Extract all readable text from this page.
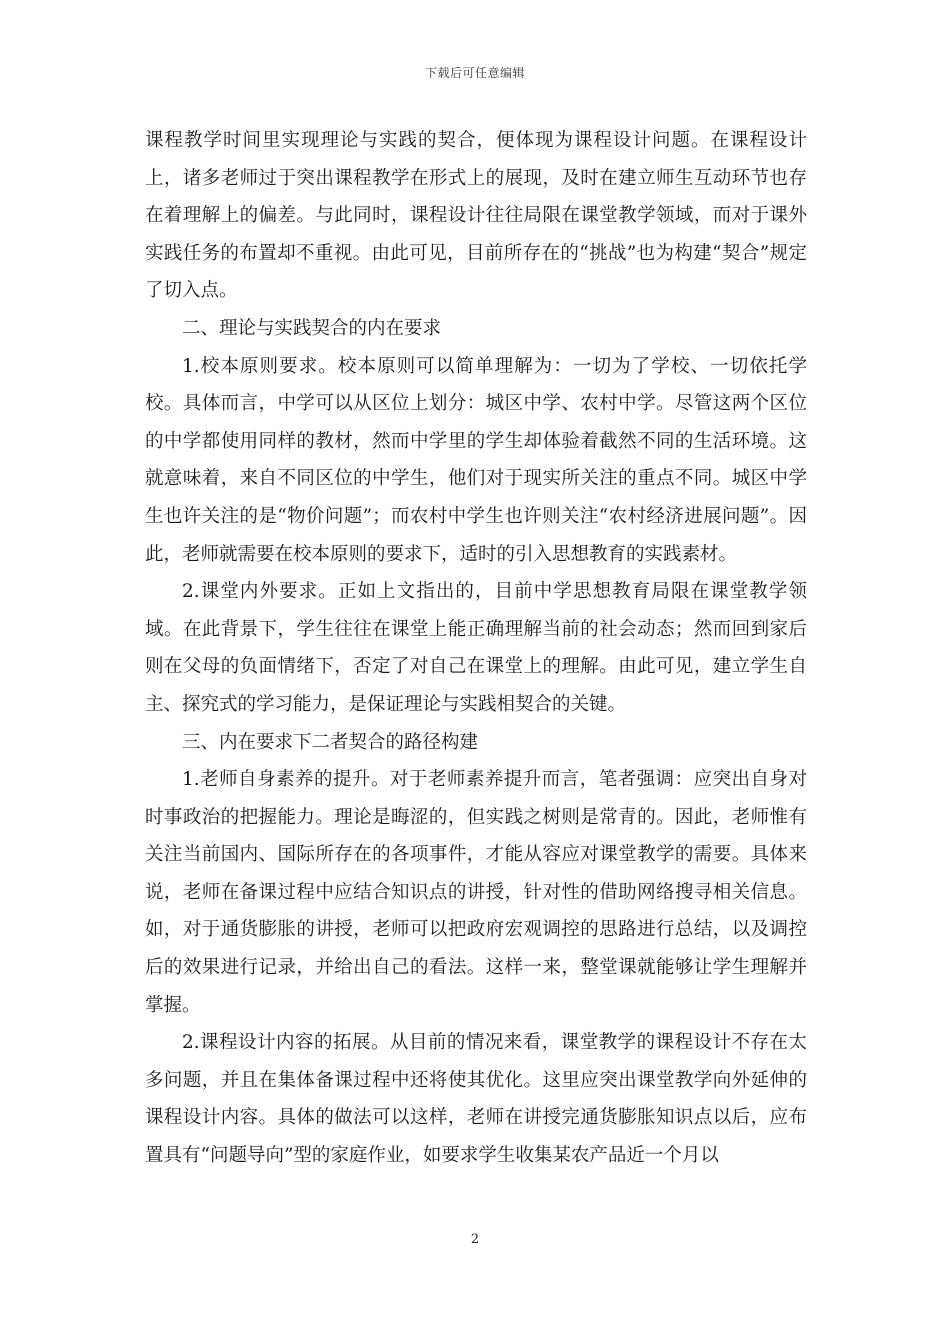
下载后可任意编辑

课程教学时间里实现理论与实践的契合，便体现为课程设计问题。在课程设计上，诸多老师过于突出课程教学在形式上的展现，及时在建立师生互动环节也存在着理解上的偏差。与此同时，课程设计往往局限在课堂教学领域，而对于课外实践任务的布置却不重视。由此可见，目前所存在的“挑战”也为构建“契合”规定了切入点。

二、理论与实践契合的内在要求

1.校本原则要求。校本原则可以简单理解为：一切为了学校、一切依托学校。具体而言，中学可以从区位上划分：城区中学、农村中学。尽管这两个区位的中学都使用同样的教材，然而中学里的学生却体验着截然不同的生活环境。这就意味着，来自不同区位的中学生，他们对于现实所关注的重点不同。城区中学生也许关注的是“物价问题”；而农村中学生也许则关注“农村经济进展问题”。因此，老师就需要在校本原则的要求下，适时的引入思想教育的实践素材。

2.课堂内外要求。正如上文指出的，目前中学思想教育局限在课堂教学领域。在此背景下，学生往往在课堂上能正确理解当前的社会动态；然而回到家后则在父母的负面情绪下，否定了对自己在课堂上的理解。由此可见，建立学生自主、探究式的学习能力，是保证理论与实践相契合的关键。

三、内在要求下二者契合的路径构建

1.老师自身素养的提升。对于老师素养提升而言，笔者强调：应突出自身对时事政治的把握能力。理论是晦涩的，但实践之树则是常青的。因此，老师惟有关注当前国内、国际所存在的各项事件，才能从容应对课堂教学的需要。具体来说，老师在备课过程中应结合知识点的讲授，针对性的借助网络搜寻相关信息。如，对于通货膨胀的讲授，老师可以把政府宏观调控的思路进行总结，以及调控后的效果进行记录，并给出自己的看法。这样一来，整堂课就能够让学生理解并掌握。

2.课程设计内容的拓展。从目前的情况来看，课堂教学的课程设计不存在太多问题，并且在集体备课过程中还将使其优化。这里应突出课堂教学向外延伸的课程设计内容。具体的做法可以这样，老师在讲授完通货膨胀知识点以后，应布置具有“问题导向”型的家庭作业，如要求学生收集某农产品近一个月以

2
